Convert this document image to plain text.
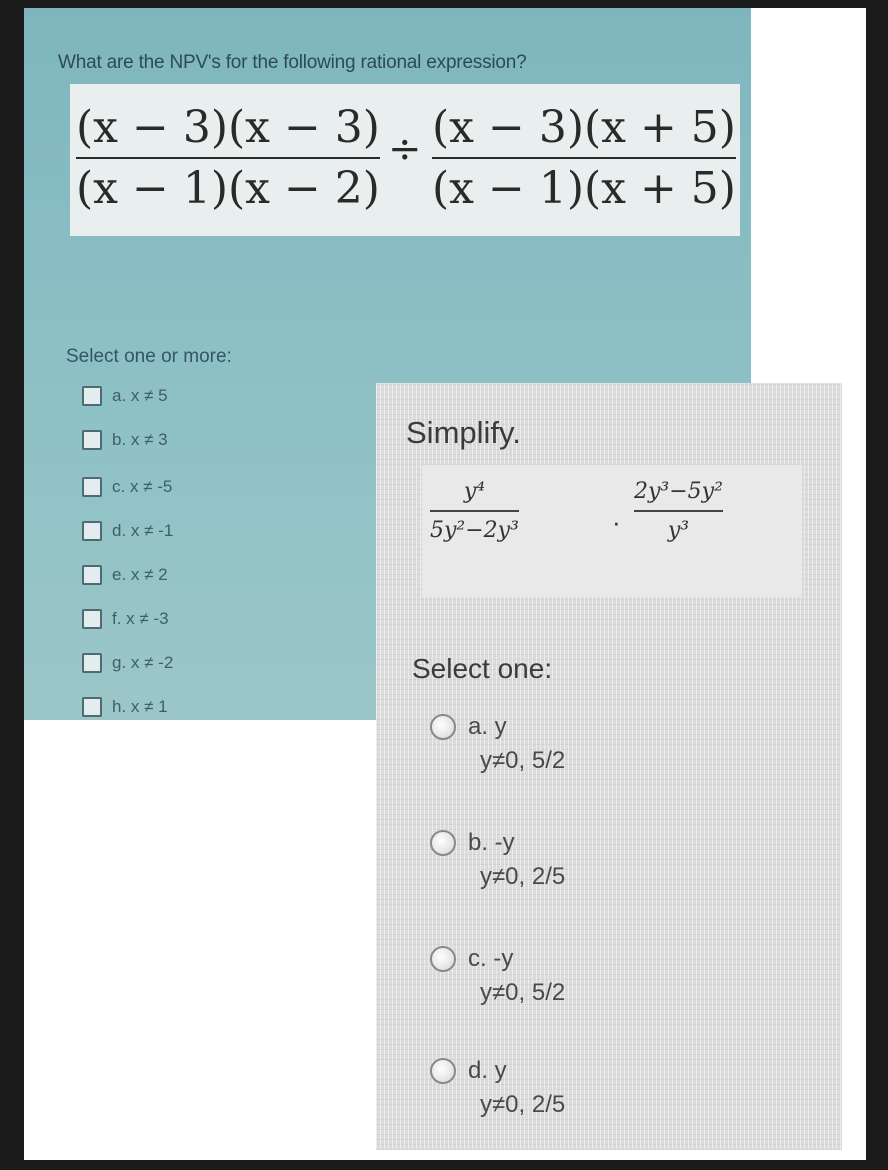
What are the NPV's for the following rational expression?
(x − 3)(x − 3)
(x − 1)(x − 2)
÷ (x − 3)(x + 5)
(x − 1)(x + 5)
Select one or more:
a. x ≠ 5
b. x ≠ 3
c. x ≠ -5
d. x ≠ -1
e. x ≠ 2
f. x ≠ -3
g. x ≠ -2
h. x ≠ 1
Simplify.
y⁴
5y²−2y³	·
2y³−5y²
y³
Select one:
a. y
y≠0, 5/2
b. -y
y≠0, 2/5
c. -y
y≠0, 5/2
d. y
y≠0, 2/5
